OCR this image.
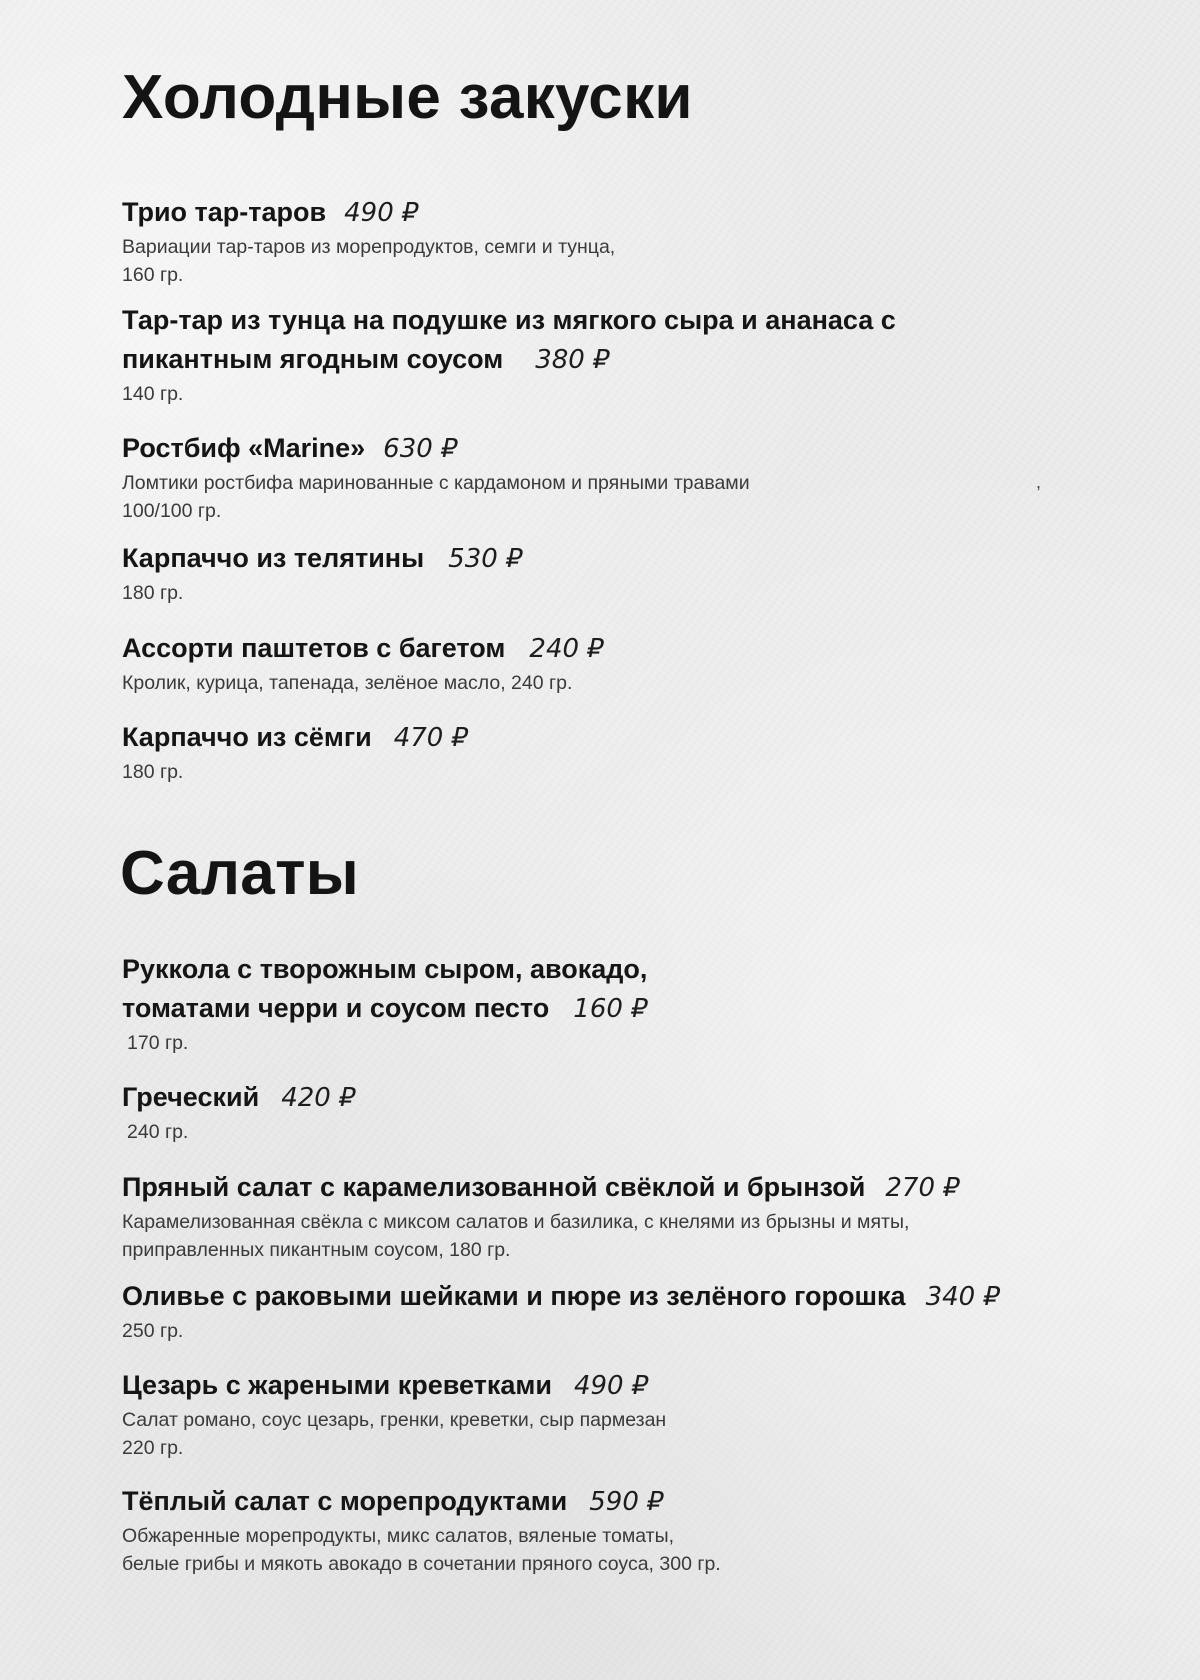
Холодные закуски
Трио тар-таров 490 ₽
Вариации тар-таров из морепродуктов, семги и тунца,
160 гр.
Тар-тар из тунца на подушке из мягкого сыра и ананаса с
пикантным ягодным соусом 380 ₽
140 гр.
Ростбиф «Marine» 630 ₽
Ломтики ростбифа маринованные с кардамоном и пряными травами
100/100 гр.
Карпаччо из телятины 530 ₽
180 гр.
Ассорти паштетов с багетом 240 ₽
Кролик, курица, тапенада, зелёное масло, 240 гр.
Карпаччо из сёмги 470 ₽
180 гр.
Салаты
Руккола с творожным сыром, авокадо,
томатами черри и соусом песто 160 ₽
170 гр.
Греческий 420 ₽
240 гр.
Пряный салат с карамелизованной свёклой и брынзой 270 ₽
Карамелизованная свёкла с миксом салатов и базилика, с кнелями из брызны и мяты,
приправленных пикантным соусом, 180 гр.
Оливье с раковыми шейками и пюре из зелёного горошка 340 ₽
250 гр.
Цезарь с жареными креветками 490 ₽
Салат романо, соус цезарь, гренки, креветки, сыр пармезан
220 гр.
Тёплый салат с морепродуктами 590 ₽
Обжаренные морепродукты, микс салатов, вяленые томаты,
белые грибы и мякоть авокадо в сочетании пряного соуса, 300 гр.
,
